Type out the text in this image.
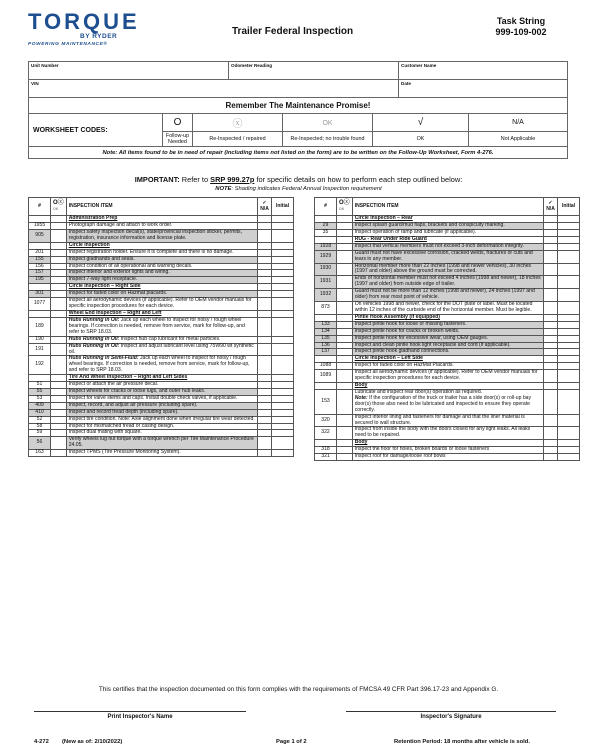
TORQUE
BY RYDER
POWERING MAINTENANCE®
Trailer Federal Inspection
Task String
999-109-002
Unit Number	Odometer Reading	Customer Name
VIN		Date
Remember The Maintenance Promise!					
WORKSHEET CODES:	O	ⓧ	OK	√	N/A
	Follow-up Needed	Re-Inspected / repaired	Re-Inspected; no trouble found	OK	Not Applicable
Note: All items found to be in need of repair (including items not listed on the form) are to be written on the Follow-Up Worksheet, Form 4-276.					
IMPORTANT: Refer to SRP 999.27p for specific details on how to perform each step outlined below:
NOTE: Shading indicates Federal Annual Inspection requirement
#	Oⓧ
OK	INSPECTION ITEM	✓
N/A	Initial
		Administration Prep		
1955		Photograph damage and attach to work order.		
905		Inspect safety inspection decal(s), state/provincial inspection sticker, permits, registration, insurance information and license plate.		
		Circle Inspection		
201		Inspect registration holder. Ensure it is complete and there is no damage.		
155		Inspect gladhands and seals.		
156		Inspect condition of all operational and warning decals.		
157		Inspect interior and exterior lights and wiring.		
195		Inspect 7-way light receptacle.		
		Circle Inspection – Right Side		
301		Inspect for faded color on Hazmat placards.		
1077		Inspect all aerodynamic devices (if applicable). Refer to OEM vendor manuals for specific inspection procedures for each device.		
		Wheel End Inspection – Right and Left		
189		Hubs Running in Oil: Jack up each wheel to inspect for noisy / rough wheel bearings. If correction is needed, remove from service, mark for follow-up, and refer to SRP 18.03.		
190		Hubs Running in Oil: Inspect hub cap lubricant for metal particles.		
191		Hubs Running in Oil: Inspect and adjust lubricant level using 75W90 wt synthetic oil.		
192		Hubs Running in Semi-Fluid: Jack up each wheel to inspect for noisy / rough wheel bearings. If correction is needed, remove from service, mark for follow-up, and refer to SRP 18.03.		
		Tire And Wheel Inspection – Right and Left Sides		
51		Inspect or attach the air pressure decal.		
55		Inspect wheels for cracks or loose lugs, and outer hub leaks.		
53		Inspect for valve stems and caps. Install double check valves, if applicable.		
409		Inspect, record, and adjust air pressure (including spare).		
410		Inspect and record tread depth (including spare).		
52		Inspect tire condition. Note: Axle alignment done when irregular tire wear detected.		
58		Inspect for mismatched tread or casing design.		
59		Inspect dual mating with square.		
56		Verify wheels lug nut torque with a torque wrench per Tire Maintenance Procedure 24.05.		
163		Inspect TPMS (Tire Pressure Monitoring System).		
#	Oⓧ
OK	INSPECTION ITEM	✓
N/A	Initial
		Circle Inspection – Rear		
29		Inspect splash guard/mud flaps, brackets and conspicuity marking.		
35		Inspect operation of ramp and lubricate (if applicable).		
		RUG - Rear Under Ride Guard		
1928		Inspect that vertical members must not exceed 3-inch deformation integrity.		
1929		Guard must not have excessive corrosion, cracked welds, fractures or cuts and tears in any member.		
1930		Horizontal member more than 22 inches (1998 and newer vehicles), 30 inches (1997 and older) above the ground must be corrected.		
1931		Ends of horizontal member must not exceed 4 inches (1998 and newer), 18 inches (1997 and older) from outside edge of trailer.		
1932		Guard must not be more than 12 inches (1998 and newer), 24 inches (1997 and older) from rear most point of vehicle.		
873		On vehicles 1998 and newer, check for the DOT plate or label. Must be located within 12 inches of the curbside end of the horizontal member. Must be legible.		
		Pintle Hook Assembly (if equipped)		
133		Inspect pintle hook for loose or missing fasteners.		
134		Inspect pintle hook for cracks or broken welds.		
135		Inspect pintle hook for excessive wear, using OEM gauges.		
136		Inspect and clean pintle hook light receptacle and cord (if applicable).		
137		Inspect pintle hook gladhand connections.		
		Circle Inspection – Left Side		
1088		Inspect for faded color on HazMat Placards.		
1089		Inspect all aerodynamic devices (if applicable). Refer to OEM vendor manuals for specific inspection procedures for each device.		
		Body		
153		Lubricate and inspect rear door(s) operation as required.
Note: If the configuration of the truck or trailer has a side door(s) or roll-up bay door(s) those also need to be lubricated and inspected to ensure they operate correctly.		
320		Inspect interior lining and fasteners for damage and that the liner material is secured to wall structure.		
322		Inspect from inside the body with the doors closed for any light leaks. All leaks need to be repaired.		
		Body		
318		Inspect the floor for holes, broken boards or loose fasteners		
321		Inspect roof for damage/loose roof bows		
This certifies that the inspection documented on this form complies with the requirements of FMCSA 49 CFR Part 396.17-23 and Appendix G.
Print Inspector's Name	Inspector's Signature
4-272 (New as of: 2/10/2022)	Page 1 of 2	Retention Period: 18 months after vehicle is sold.
